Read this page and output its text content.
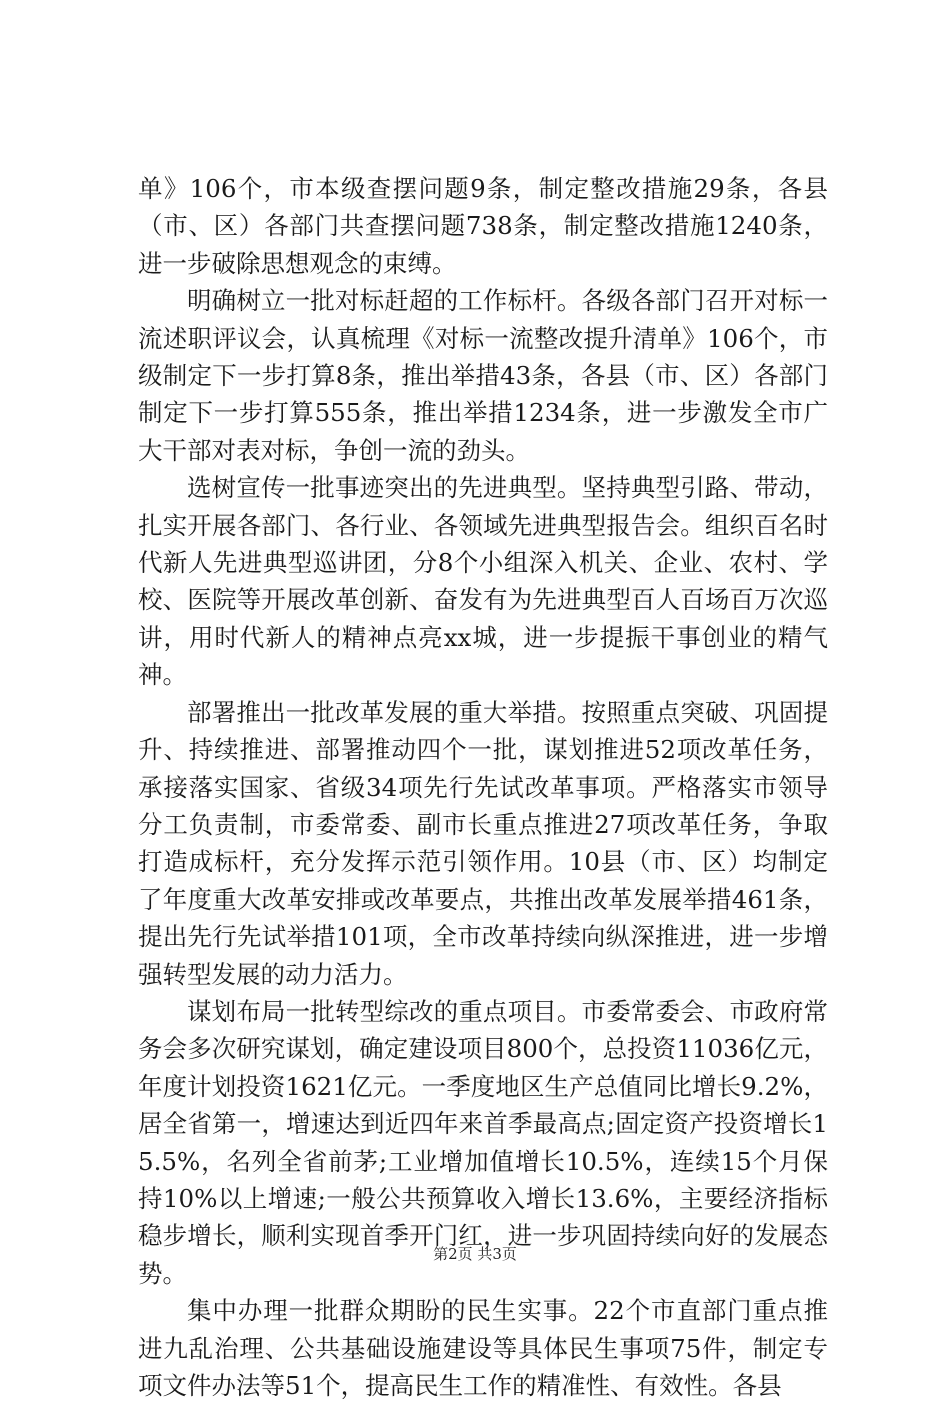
单》106个，市本级查摆问题9条，制定整改措施29条，各县（市、区）各部门共查摆问题738条，制定整改措施1240条，进一步破除思想观念的束缚。

明确树立一批对标赶超的工作标杆。各级各部门召开对标一流述职评议会，认真梳理《对标一流整改提升清单》106个，市级制定下一步打算8条，推出举措43条，各县（市、区）各部门制定下一步打算555条，推出举措1234条，进一步激发全市广大干部对表对标，争创一流的劲头。

选树宣传一批事迹突出的先进典型。坚持典型引路、带动，扎实开展各部门、各行业、各领域先进典型报告会。组织百名时代新人先进典型巡讲团，分8个小组深入机关、企业、农村、学校、医院等开展改革创新、奋发有为先进典型百人百场百万次巡讲，用时代新人的精神点亮xx城，进一步提振干事创业的精气神。

部署推出一批改革发展的重大举措。按照重点突破、巩固提升、持续推进、部署推动四个一批，谋划推进52项改革任务，承接落实国家、省级34项先行先试改革事项。严格落实市领导分工负责制，市委常委、副市长重点推进27项改革任务，争取打造成标杆，充分发挥示范引领作用。10县（市、区）均制定了年度重大改革安排或改革要点，共推出改革发展举措461条，提出先行先试举措101项，全市改革持续向纵深推进，进一步增强转型发展的动力活力。

谋划布局一批转型综改的重点项目。市委常委会、市政府常务会多次研究谋划，确定建设项目800个，总投资11036亿元，年度计划投资1621亿元。一季度地区生产总值同比增长9.2%，居全省第一，增速达到近四年来首季最高点;固定资产投资增长15.5%，名列全省前茅;工业增加值增长10.5%，连续15个月保持10%以上增速;一般公共预算收入增长13.6%，主要经济指标稳步增长，顺利实现首季开门红，进一步巩固持续向好的发展态势。

集中办理一批群众期盼的民生实事。22个市直部门重点推进九乱治理、公共基础设施建设等具体民生事项75件，制定专项文件办法等51个，提高民生工作的精准性、有效性。各县

第2页 共3页
